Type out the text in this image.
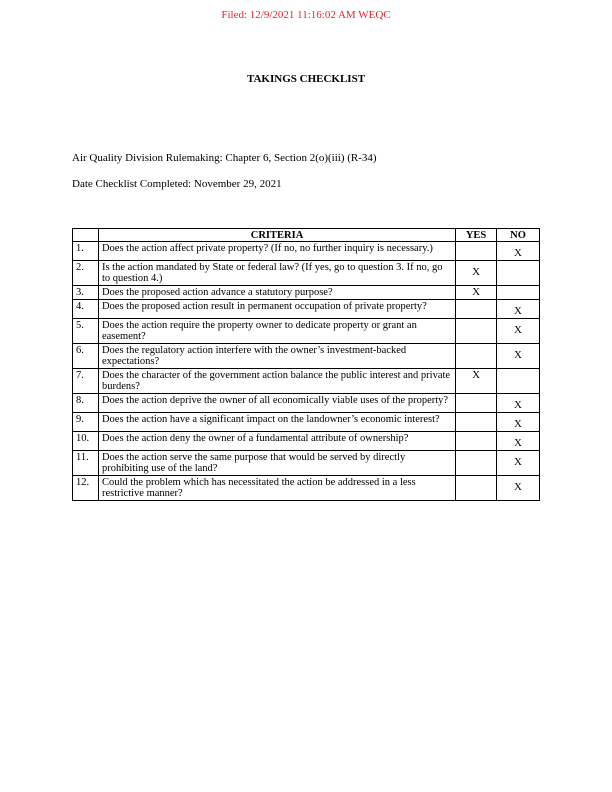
Filed: 12/9/2021 11:16:02 AM WEQC
TAKINGS CHECKLIST
Air Quality Division Rulemaking: Chapter 6, Section 2(o)(iii) (R-34)
Date Checklist Completed: November 29, 2021
	CRITERIA	YES	NO
1.	Does the action affect private property? (If no, no further inquiry is necessary.)		X
2.	Is the action mandated by State or federal law? (If yes, go to question 3. If no, go to question 4.)	X	
3.	Does the proposed action advance a statutory purpose?	X	
4.	Does the proposed action result in permanent occupation of private property?		X
5.	Does the action require the property owner to dedicate property or grant an easement?		X
6.	Does the regulatory action interfere with the owner’s investment-backed expectations?		X
7.	Does the character of the government action balance the public interest and private burdens?	X	
8.	Does the action deprive the owner of all economically viable uses of the property?		X
9.	Does the action have a significant impact on the landowner’s economic interest?		X
10.	Does the action deny the owner of a fundamental attribute of ownership?		X
11.	Does the action serve the same purpose that would be served by directly prohibiting use of the land?		X
12.	Could the problem which has necessitated the action be addressed in a less restrictive manner?		X
